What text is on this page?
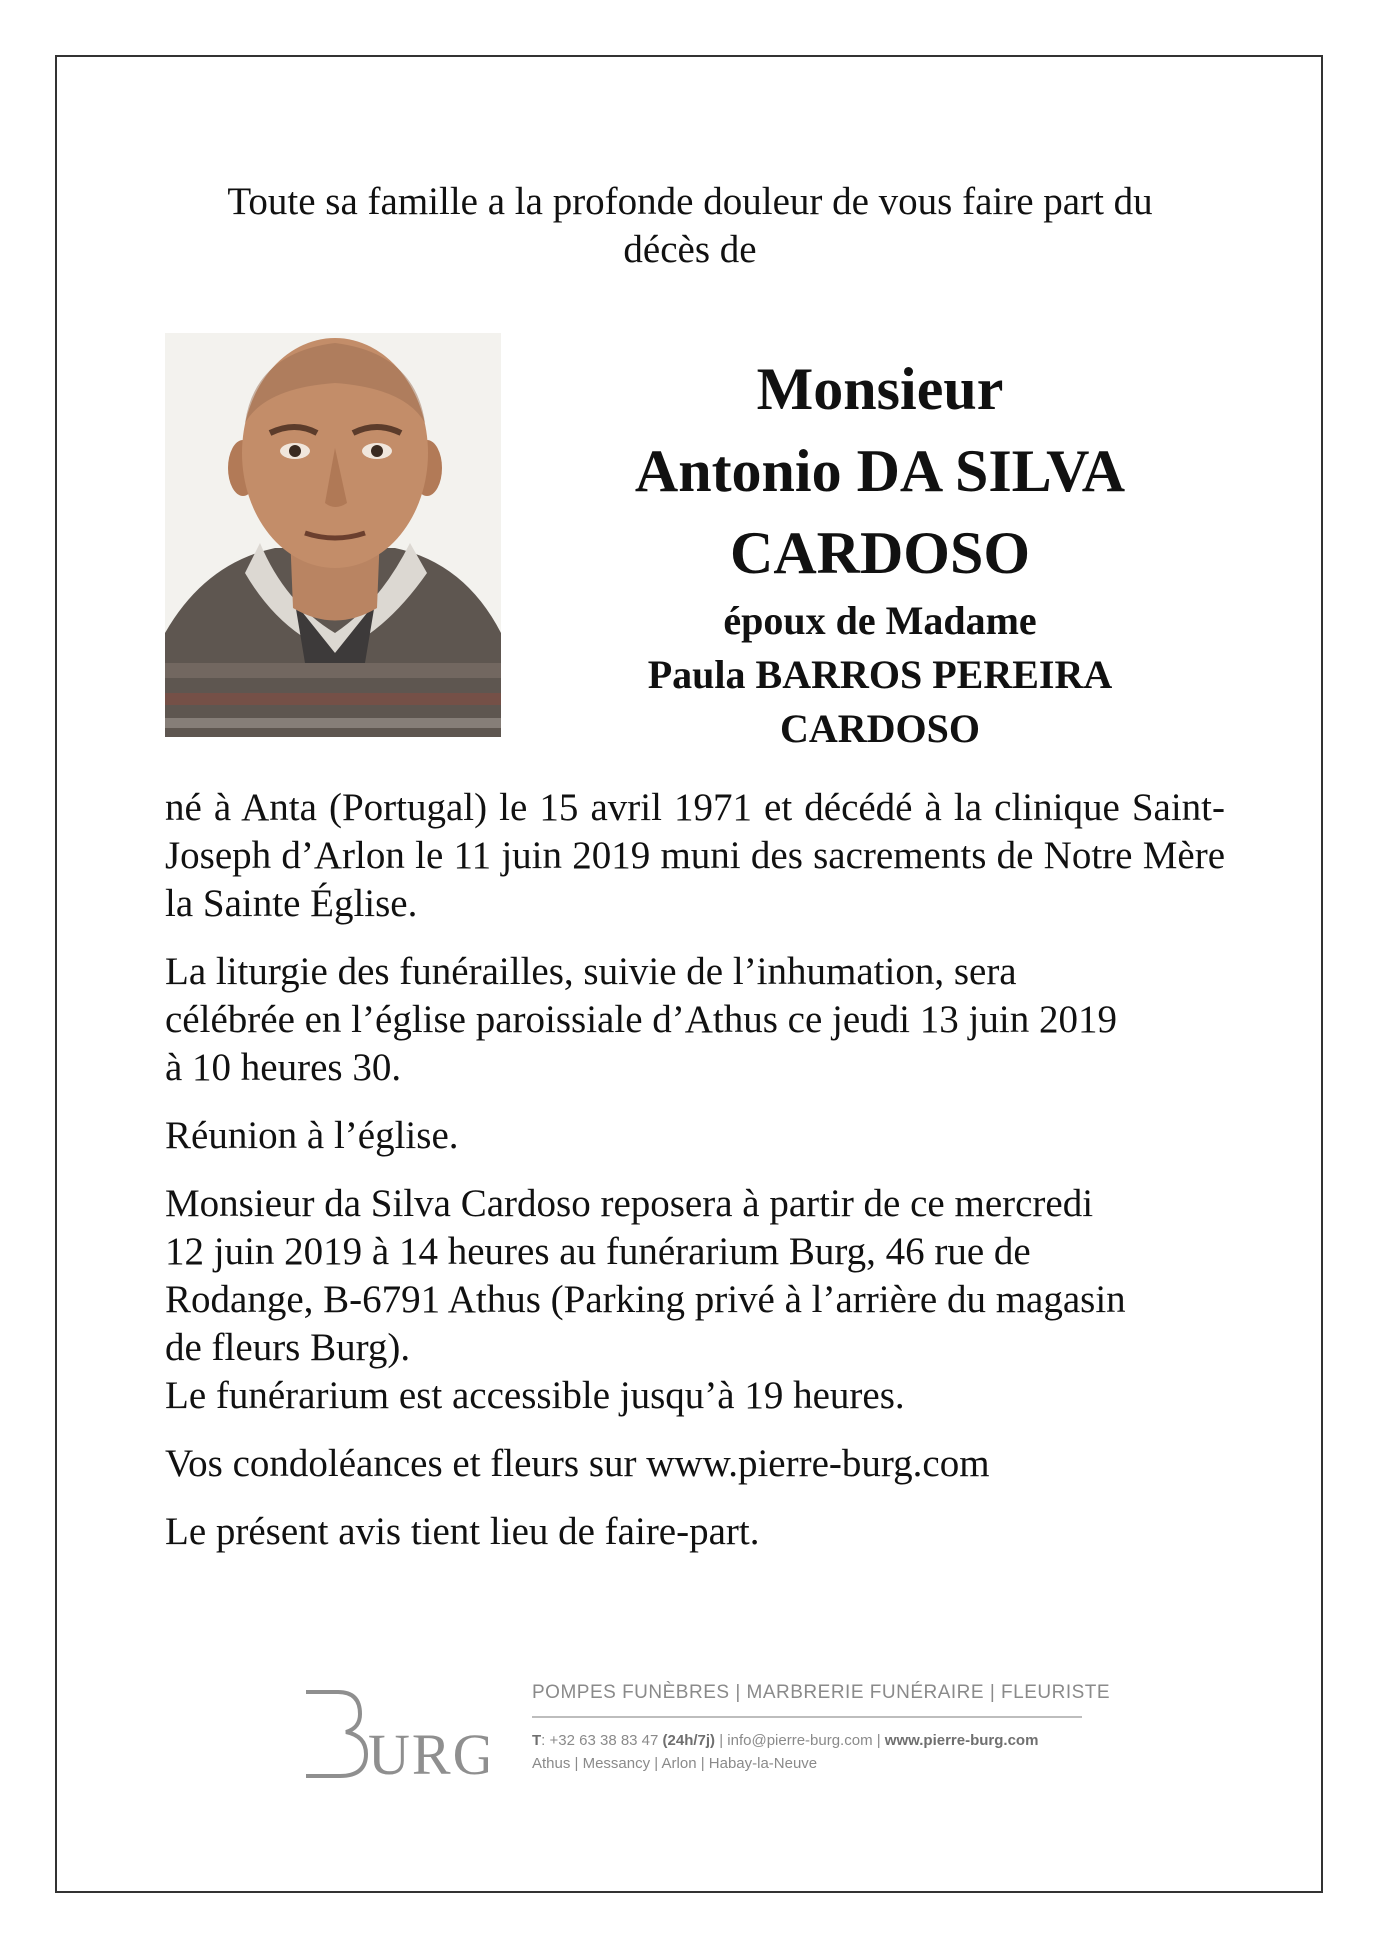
Toute sa famille a la profonde douleur de vous faire part du
décès de
Monsieur
Antonio DA SILVA
CARDOSO
époux de Madame
Paula BARROS PEREIRA
CARDOSO

né à Anta (Portugal) le 15 avril 1971 et décédé à la clinique Saint-Joseph d’Arlon le 11 juin 2019 muni des sacrements de Notre Mère la Sainte Église.

La liturgie des funérailles, suivie de l’inhumation, sera
célébrée en l’église paroissiale d’Athus ce jeudi 13 juin 2019
à 10 heures 30.

Réunion à l’église.

Monsieur da Silva Cardoso reposera à partir de ce mercredi
12 juin 2019 à 14 heures au funérarium Burg, 46 rue de
Rodange, B-6791 Athus (Parking privé à l’arrière du magasin
de fleurs Burg).
Le funérarium est accessible jusqu’à 19 heures.

Vos condoléances et fleurs sur www.pierre-burg.com

Le présent avis tient lieu de faire-part.

URG
POMPES FUNÈBRES | MARBRERIE FUNÉRAIRE | FLEURISTE
T: +32 63 38 83 47 (24h/7j) | info@pierre-burg.com | www.pierre-burg.com
Athus | Messancy | Arlon | Habay-la-Neuve
